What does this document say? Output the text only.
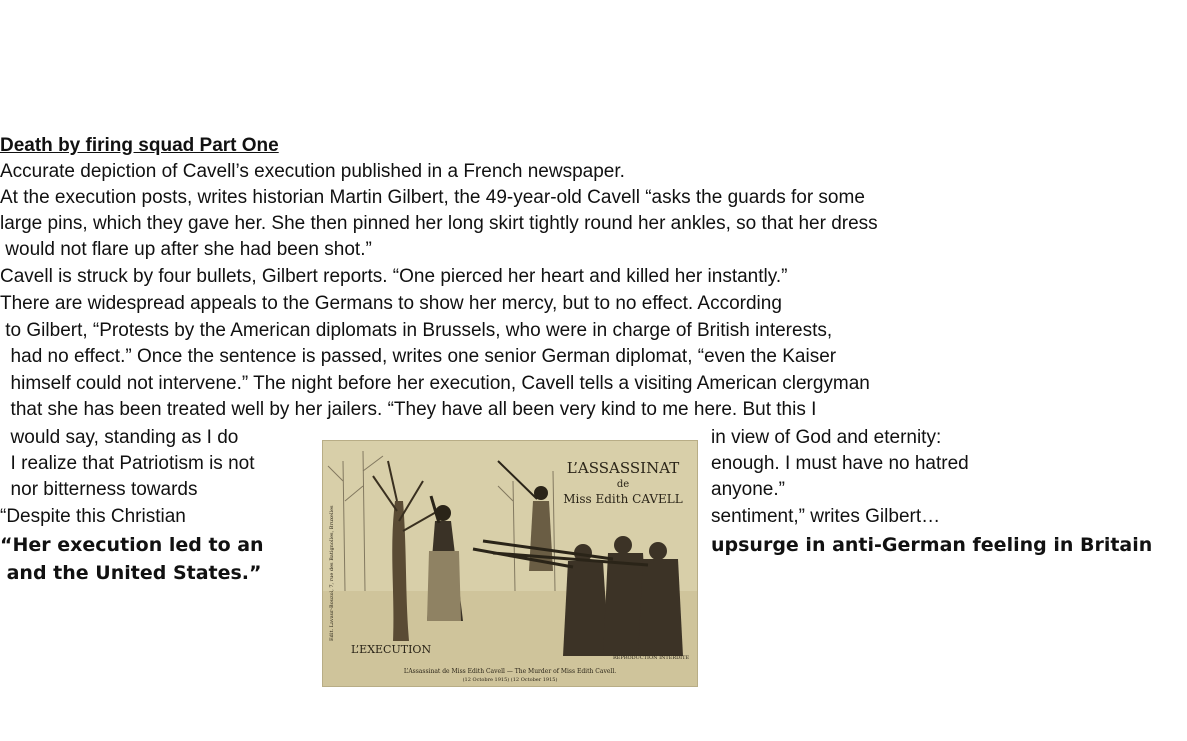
Death by firing squad Part One
Accurate depiction of Cavell’s execution published in a French newspaper.
At the execution posts, writes historian Martin Gilbert, the 49-year-old Cavell “asks the guards for some
large pins, which they gave her. She then pinned her long skirt tightly round her ankles, so that her dress
would not flare up after she had been shot.”
Cavell is struck by four bullets, Gilbert reports. “One pierced her heart and killed her instantly.”
There are widespread appeals to the Germans to show her mercy, but to no effect. According
to Gilbert, “Protests by the American diplomats in Brussels, who were in charge of British interests,
had no effect.” Once the sentence is passed, writes one senior German diplomat, “even the Kaiser
himself could not intervene.” The night before her execution, Cavell tells a visiting American clergyman
that she has been treated well by her jailers. “They have all been very kind to me here. But this I
would say, standing as I do
I realize that Patriotism is not
nor bitterness towards
“Despite this Christian
in view of God and eternity:
enough. I must have no hatred
anyone.”
sentiment,” writes Gilbert…
“Her execution led to an
and the United States.”
upsurge in anti-German feeling in Britain
L’ASSASSINAT
de
Miss Edith CAVELL
L’EXECUTION
REPRODUCTION INTERDITE
L’Assassinat de Miss Edith Cavell — The Murder of Miss Edith Cavell.
(12 Octobre 1915) (12 October 1915)
Edit. Lavaur-Bouzol, 7, rue des Batignolles, Bruxelles
